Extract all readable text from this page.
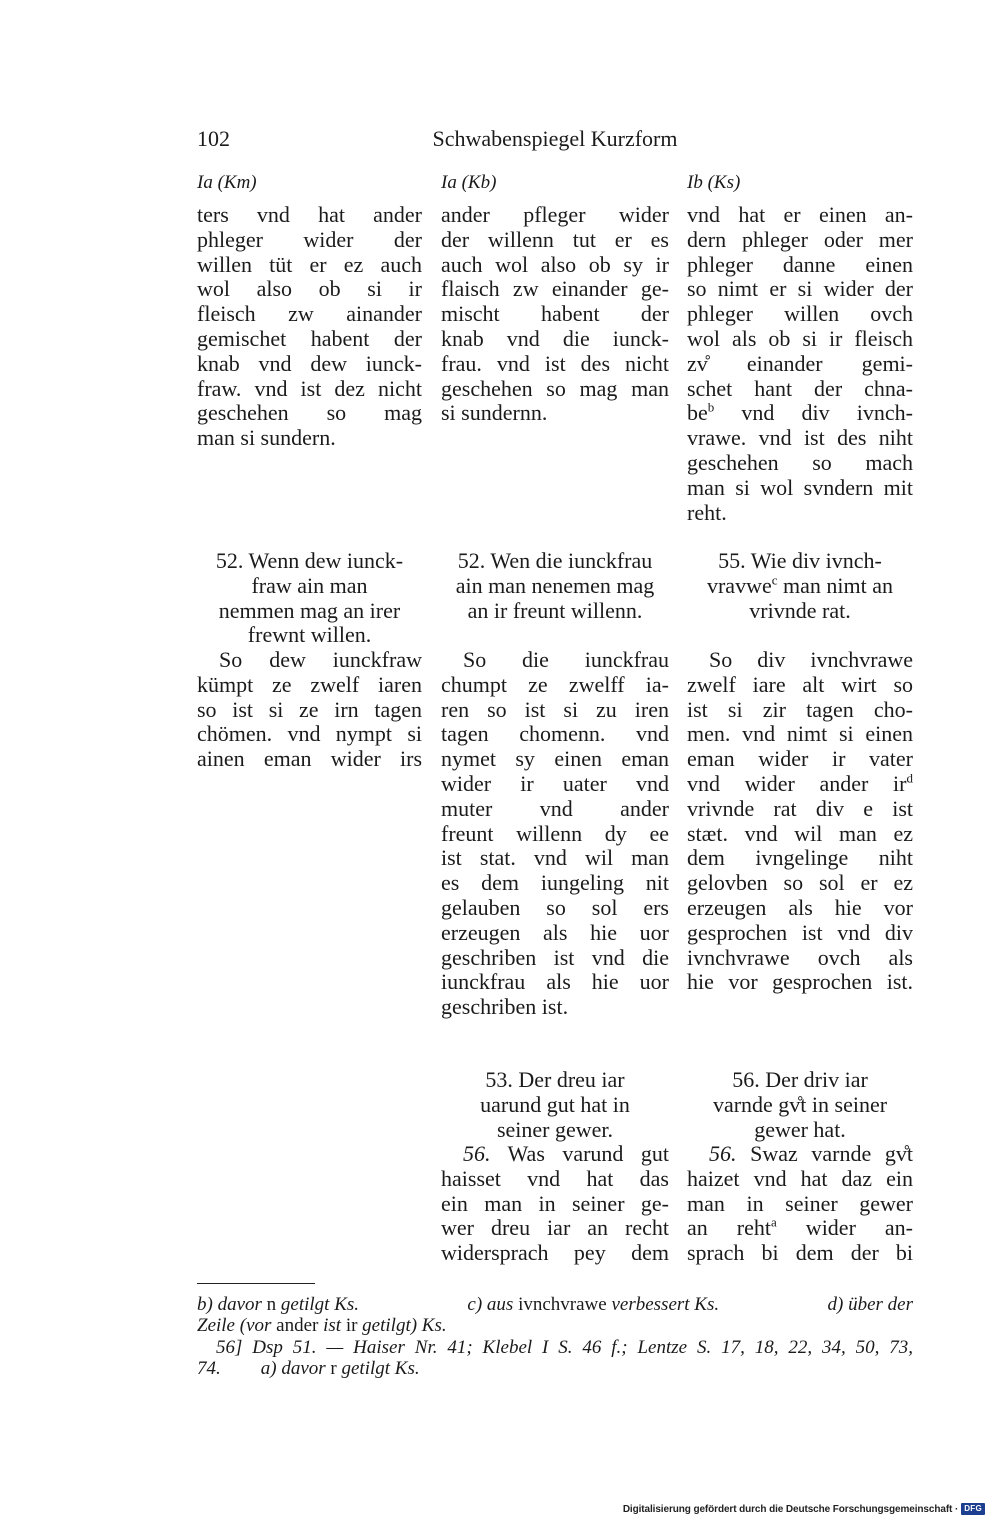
102	Schwabenspiegel Kurzform
Ia (Km)	Ia (Kb)	Ib (Ks)
ters vnd hat ander
phleger wider der
willen tüt er ez auch
wol also ob si ir
fleisch zw ainander
gemischet habent der
knab vnd dew iunck-
fraw. vnd ist dez nicht
geschehen so mag
man si sundern.
ander pfleger wider
der willenn tut er es
auch wol also ob sy ir
flaisch zw einander ge-
mischt habent der
knab vnd die iunck-
frau. vnd ist des nicht
geschehen so mag man
si sundernn.
vnd hat er einen an-
dern phleger oder mer
phleger danne einen
so nimt er si wider der
phleger willen ovch
wol als ob si ir fleisch
zv̊ einander gemi-
schet hant der chna-
$be^b$ vnd div ivnch-
vrawe. vnd ist des niht
geschehen so mach
man si wol svndern mit
reht.
52. Wenn dew iunck-
fraw ain man
nemmen mag an irer
frewnt willen.
52. Wen die iunckfrau
ain man nenemen mag
an ir freunt willenn.
55. Wie div ivnch-
vravwe$^c$ man nimt an
vrivnde rat.
So dew iunckfraw
kümpt ze zwelf iaren
so ist si ze irn tagen
chömen. vnd nympt si
ainen eman wider irs
So die iunckfrau
chumpt ze zwelff ia-
ren so ist si zu iren
tagen chomenn. vnd
nymet sy einen eman
wider ir uater vnd
muter vnd ander
freunt willenn dy ee
ist stat. vnd wil man
es dem iungeling nit
gelauben so sol ers
erzeugen als hie uor
geschriben ist vnd die
iunckfrau als hie uor
geschriben ist.
So div ivnchvrawe
zwelf iare alt wirt so
ist si zir tagen cho-
men. vnd nimt si einen
eman wider ir vater
vnd wider ander $ir^d$
vrivnde rat div e ist
stæt. vnd wil man ez
dem ivngelinge niht
gelovben so sol er ez
erzeugen als hie vor
gesprochen ist vnd div
ivnchvrawe ovch als
hie vor gesprochen ist.
53. Der dreu iar
uarund gut hat in
seiner gewer.
56. Der driv iar
varnde gv̊t in seiner
gewer hat.
56. Was varund gut
haisset vnd hat das
ein man in seiner ge-
wer dreu iar an recht
widersprach pey dem
56. Swaz varnde gv̊t
haizet vnd hat daz ein
man in seiner gewer
an reht$^a$ wider an-
sprach bi dem der bi
b) davor n getilgt Ks.	c) aus ivnchvrawe verbessert Ks.	d) über der
Zeile (vor ander ist ir getilgt) Ks.
56] Dsp 51. — Haiser Nr. 41; Klebel I S. 46 f.; Lentze S. 17, 18, 22, 34, 50, 73,
74. a) davor r getilgt Ks.
Digitalisierung gefördert durch die Deutsche Forschungsgemeinschaft · DFG
